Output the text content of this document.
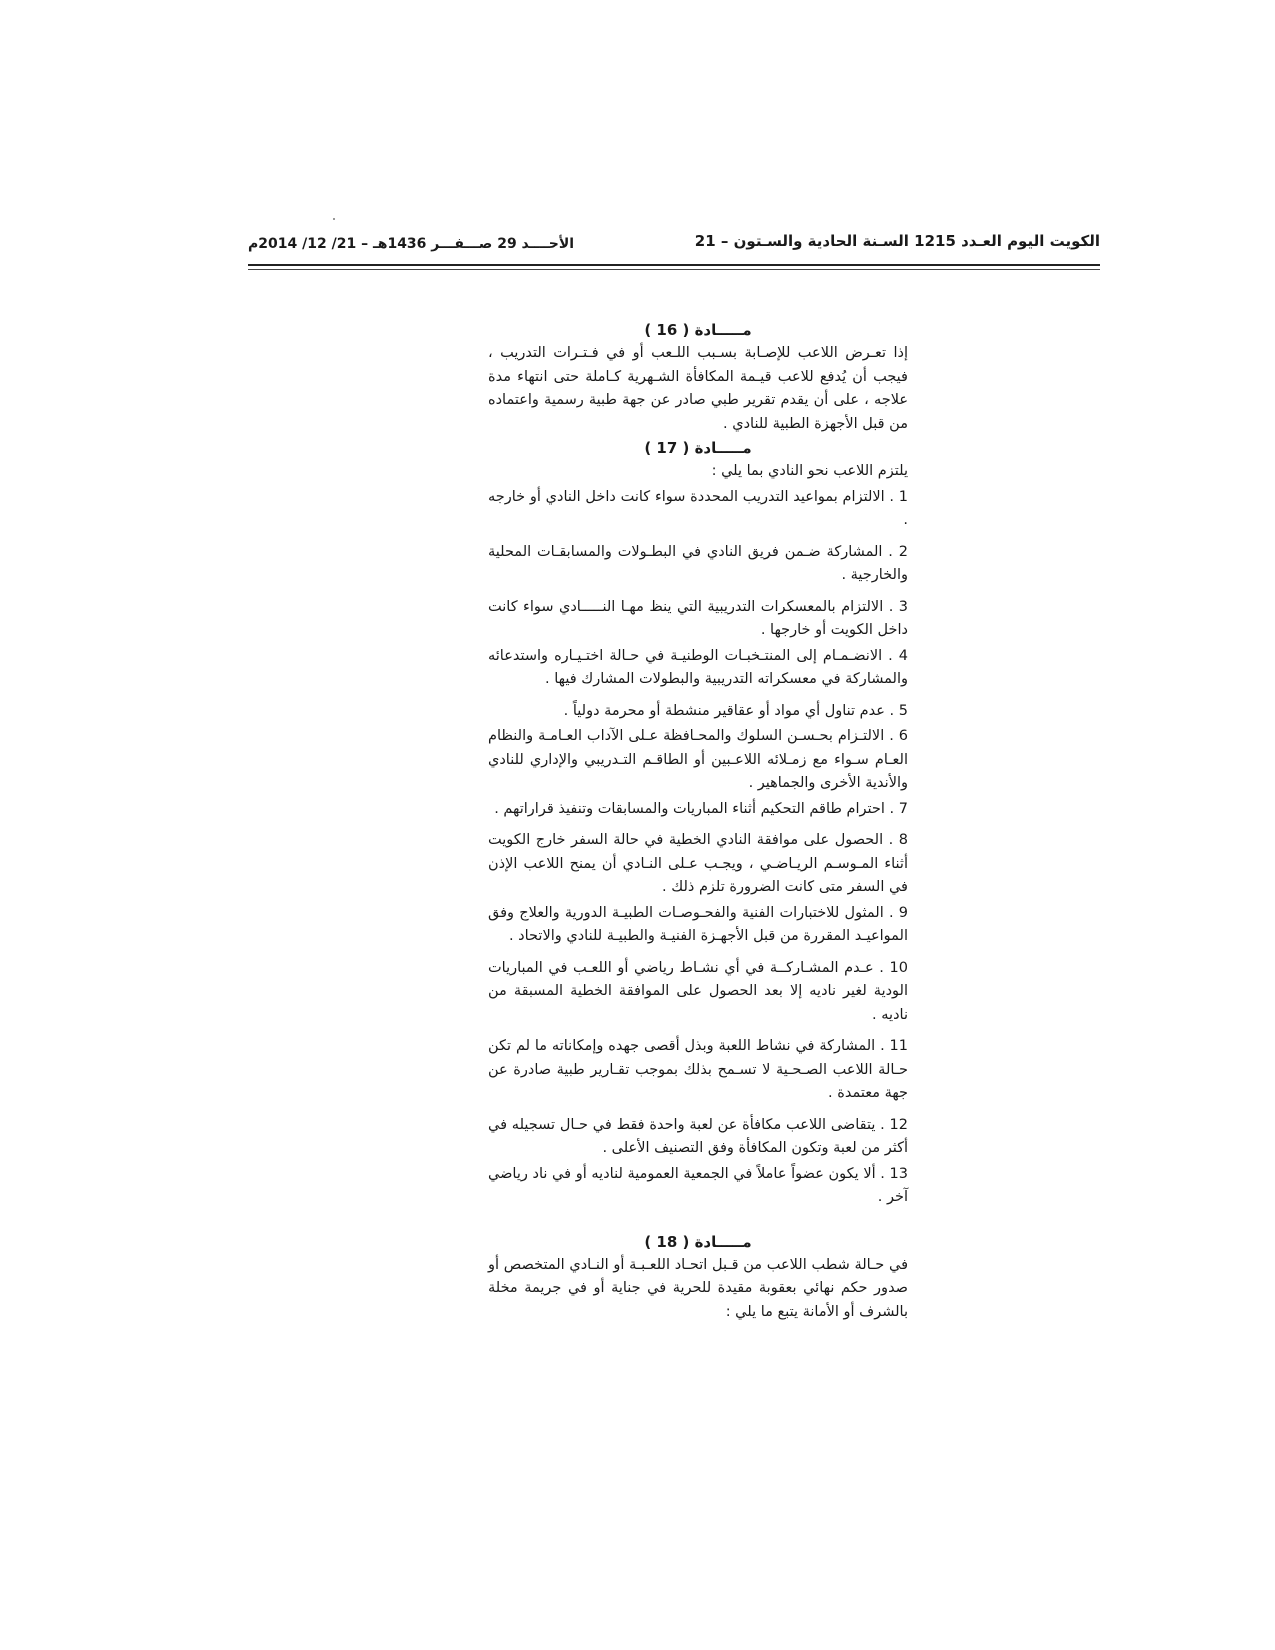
الكويت اليوم العـدد 1215 السـنة الحادية والسـتون – 21
الأحــــد 29 صـــفـــر 1436هـ – 21/ 12/ 2014م

مـــــادة ( 16 )

إذا تعـرض اللاعب للإصـابة بسـبب اللـعب أو في فـتـرات التدريب ، فيجب أن يُدفع للاعب قيـمة المكافأة الشـهرية كـاملة حتى انتهاء مدة علاجه ، على أن يقدم تقرير طبي صادر عن جهة طبية رسمية واعتماده من قبل الأجهزة الطبية للنادي .

مـــــادة ( 17 )

يلتزم اللاعب نحو النادي بما يلي :

1 . الالتزام بمواعيد التدريب المحددة سواء كانت داخل النادي أو خارجه .

2 . المشاركة ضـمن فريق النادي في البطـولات والمسابقـات المحلية والخارجية .

3 . الالتزام بالمعسكرات التدريبية التي ينظ مهـا النـــــادي سواء كانت داخل الكويت أو خارجها .

4 . الانضـمـام إلى المنتـخبـات الوطنيـة في حـالة اختـيـاره واستدعائه والمشاركة في معسكراته التدريبية والبطولات المشارك فيها .

5 . عدم تناول أي مواد أو عقاقير منشطة أو محرمة دولياً .

6 . الالتـزام بحـسـن السلوك والمحـافظة عـلى الآداب العـامـة والنظام العـام سـواء مع زمـلائه اللاعـبين أو الطاقـم التـدريبي والإداري للنادي والأندية الأخرى والجماهير .

7 . احترام طاقم التحكيم أثناء المباريات والمسابقات وتنفيذ قراراتهم .

8 . الحصول على موافقة النادي الخطية في حالة السفر خارج الكويت أثناء المـوسـم الريـاضـي ، ويجـب عـلى النـادي أن يمنح اللاعب الإذن في السفر متى كانت الضرورة تلزم ذلك .

9 . المثول للاختبارات الفنية والفحـوصـات الطبيـة الدورية والعلاج وفق المواعيـد المقررة من قبل الأجهـزة الفنيـة والطبيـة للنادي والاتحاد .

10 . عـدم المشـاركــة في أي نشـاط رياضي أو اللعـب في المباريات الودية لغير ناديه إلا بعد الحصول على الموافقة الخطية المسبقة من ناديه .

11 . المشاركة في نشاط اللعبة وبذل أقصى جهده وإمكاناته ما لم تكن حـالة اللاعب الصـحـية لا تسـمح بذلك بموجب تقـارير طبية صادرة عن جهة معتمدة .

12 . يتقاضى اللاعب مكافأة عن لعبة واحدة فقط في حـال تسجيله في أكثر من لعبة وتكون المكافأة وفق التصنيف الأعلى .

13 . ألا يكون عضواً عاملاً في الجمعية العمومية لناديه أو في ناد رياضي آخر .

مـــــادة ( 18 )

في حـالة شطب اللاعب من قـبل اتحـاد اللعـبـة أو النـادي المتخصص أو صدور حكم نهائي بعقوبة مقيدة للحرية في جناية أو في جريمة مخلة بالشرف أو الأمانة يتبع ما يلي :
